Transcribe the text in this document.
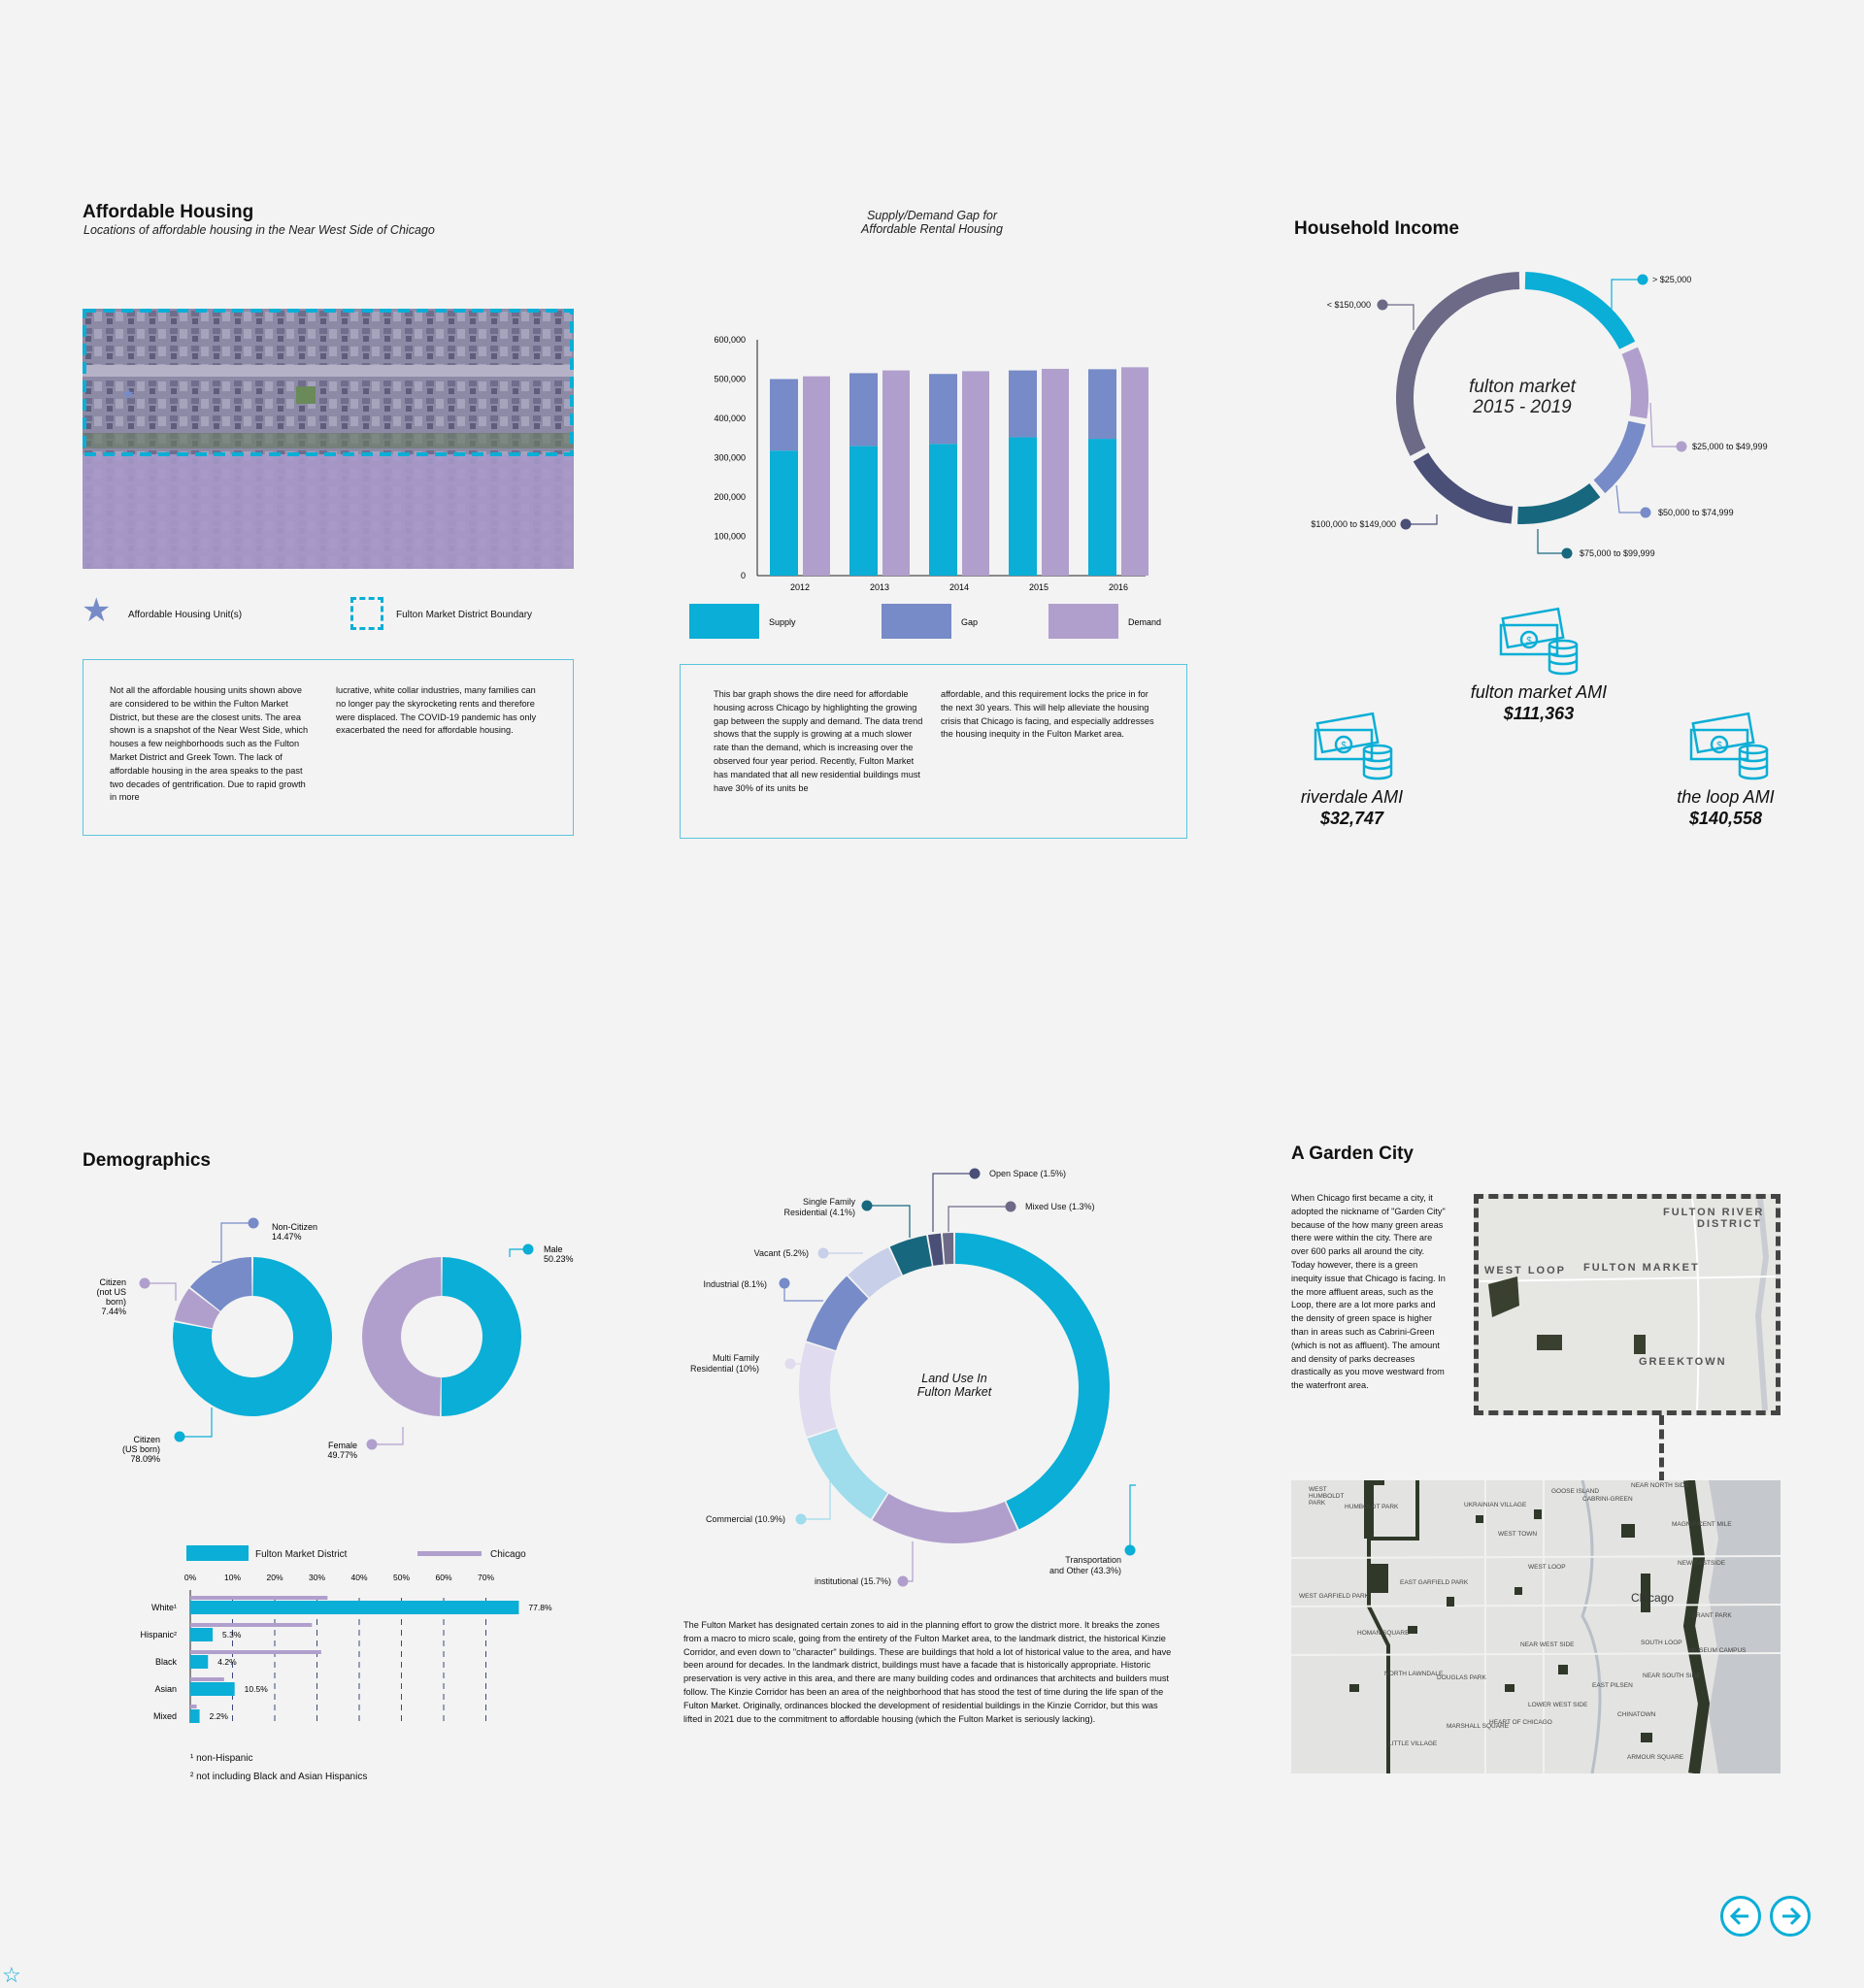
Affordable Housing
Locations of affordable housing in the Near West Side of Chicago
★
★ Affordable Housing Unit(s)	Fulton Market District Boundary
Not all the affordable housing units shown above are considered to be within the Fulton Market District, but these are the closest units. The area shown is a snapshot of the Near West Side, which houses a few neighborhoods such as the Fulton Market District and Greek Town. The lack of affordable housing in the area speaks to the past two decades of gentrification. Due to rapid growth in more
lucrative, white collar industries, many families can no longer pay the skyrocketing rents and therefore were displaced. The COVID-19 pandemic has only exacerbated the need for affordable housing.
Supply/Demand Gap for
Affordable Rental Housing
0
100,000
200,000
300,000
400,000
500,000
600,000
2012	2013	2014	2015	2016
Supply	Gap	Demand
This bar graph shows the dire need for affordable housing across Chicago by highlighting the growing gap between the supply and demand. The data trend shows that the supply is growing at a much slower rate than the demand, which is increasing over the observed four year period. Recently, Fulton Market has mandated that all new residential buildings must have 30% of its units be
affordable, and this requirement locks the price in for the next 30 years. This will help alleviate the housing crisis that Chicago is facing, and especially addresses the housing inequity in the Fulton Market area.
Household Income
> $25,000
$25,000 to $49,999
$50,000 to $74,999
$75,000 to $99,999
$100,000 to $149,000
< $150,000
fulton market
2015 - 2019
$
fulton market AMI
$111,363
$
riverdale AMI
$32,747
$
the loop AMI
$140,558
Demographics
Non-Citizen
14.47%
Citizen
(not US
born)
7.44%
Citizen
(US born)
78.09%
Male
50.23%
Female
49.77%
Fulton Market District	Chicago
0%	10%	20%	30%	40%	50%	60%	70%
77.8%
White¹
5.3%
Hispanic²
4.2%
Black
10.5%
Asian
2.2%
Mixed
¹ non-Hispanic
² not including Black and Asian Hispanics
Transportation
and Other (43.3%)
institutional (15.7%)
Commercial (10.9%)
Multi Family
Residential (10%)
Industrial (8.1%)
Vacant (5.2%)
Single Family
Residential (4.1%)
Open Space (1.5%)
Mixed Use (1.3%)
Land Use In
Fulton Market
The Fulton Market has designated certain zones to aid in the planning effort to grow the district more. It breaks the zones from a macro to micro scale, going from the entirety of the Fulton Market area, to the landmark district, the historical Kinzie Corridor, and even down to "character" buildings. These are buildings that hold a lot of historical value to the area, and have been around for decades. In the landmark district, buildings must have a facade that is historically appropriate. Historic preservation is very active in this area, and there are many building codes and ordinances that architects and builders must follow. The Kinzie Corridor has been an area of the neighborhood that has stood the test of time during the life span of the Fulton Market. Originally, ordinances blocked the development of residential buildings in the Kinzie Corridor, but this was lifted in 2021 due to the commitment to affordable housing (which the Fulton Market is seriously lacking).
A Garden City
When Chicago first became a city, it adopted the nickname of "Garden City" because of the how many green areas there were within the city. There are over 600 parks all around the city. Today however, there is a green inequity issue that Chicago is facing. In the more affluent areas, such as the Loop, there are a lot more parks and the density of green space is higher than in areas such as Cabrini-Green (which is not as affluent). The amount and density of parks decreases drastically as you move westward from the waterfront area.
FULTON RIVER
DISTRICT
WEST LOOP FULTON MARKET
GREEKTOWN
WEST HUMBOLDT PARK
HUMBOLDT PARK	UKRAINIAN VILLAGE
GOOSE ISLAND
NEAR NORTH SIDE
CABRINI-GREEN
MAGNIFICENT MILE
WEST TOWN
WEST LOOP
EAST GARFIELD PARK
WEST GARFIELD PARK
NEW EASTSIDE
Chicago
GRANT PARK
HOMAN SQUARE
NEAR WEST SIDE	SOUTH LOOP
MUSEUM CAMPUS
NORTH LAWNDALE
DOUGLAS PARK	NEAR SOUTH SIDE
EAST PILSEN
LOWER WEST SIDE
HEART OF CHICAGO
CHINATOWN
MARSHALL SQUARE
LITTLE VILLAGE
ARMOUR SQUARE
☆
